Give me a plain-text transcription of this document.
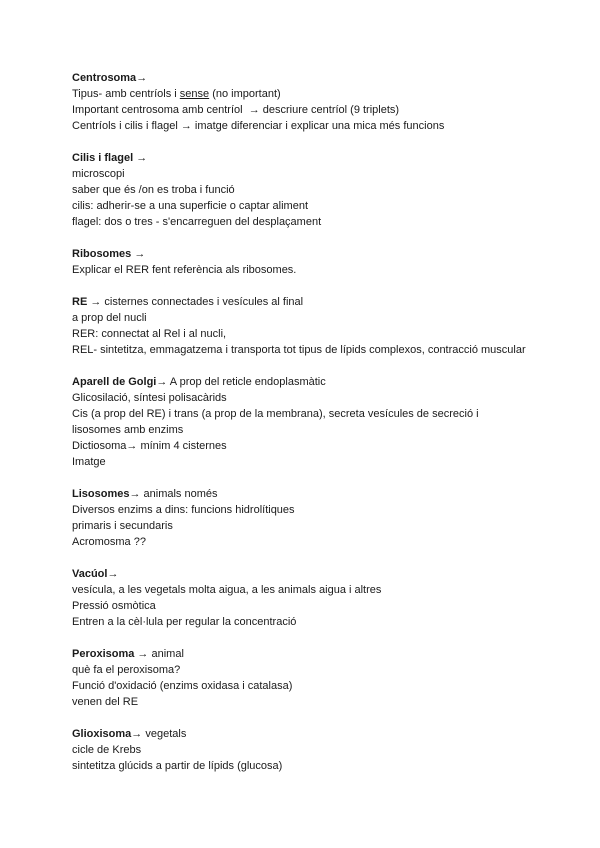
Centrosoma→

Tipus- amb centríols i sense (no important)

Important centrosoma amb centríol  → descriure centríol (9 triplets)

Centríols i cilis i flagel → imatge diferenciar i explicar una mica més funcions

Cilis i flagel →

microscopi

saber que és /on es troba i funció

cilis: adherir-se a una superficie o captar aliment

flagel: dos o tres - s'encarreguen del desplaçament

Ribosomes →

Explicar el RER fent referència als ribosomes.

RE → cisternes connectades i vesícules al final

a prop del nucli

RER: connectat al Rel i al nucli,

REL- sintetitza, emmagatzema i transporta tot tipus de lípids complexos, contracció muscular

Aparell de Golgi→ A prop del reticle endoplasmàtic

Glicosilació, síntesi polisacàrids

Cis (a prop del RE) i trans (a prop de la membrana), secreta vesícules de secreció i lisosomes amb enzims

Dictiosoma→ mínim 4 cisternes

Imatge

Lisosomes→ animals només

Diversos enzims a dins: funcions hidrolítiques

primaris i secundaris

Acromosma ??

Vacúol→

vesícula, a les vegetals molta aigua, a les animals aigua i altres

Pressió osmòtica

Entren a la cèl·lula per regular la concentració

Peroxisoma → animal

què fa el peroxisoma?

Funció d'oxidació (enzims oxidasa i catalasa)

venen del RE

Glioxisoma→ vegetals

cicle de Krebs

sintetitza glúcids a partir de lípids (glucosa)
